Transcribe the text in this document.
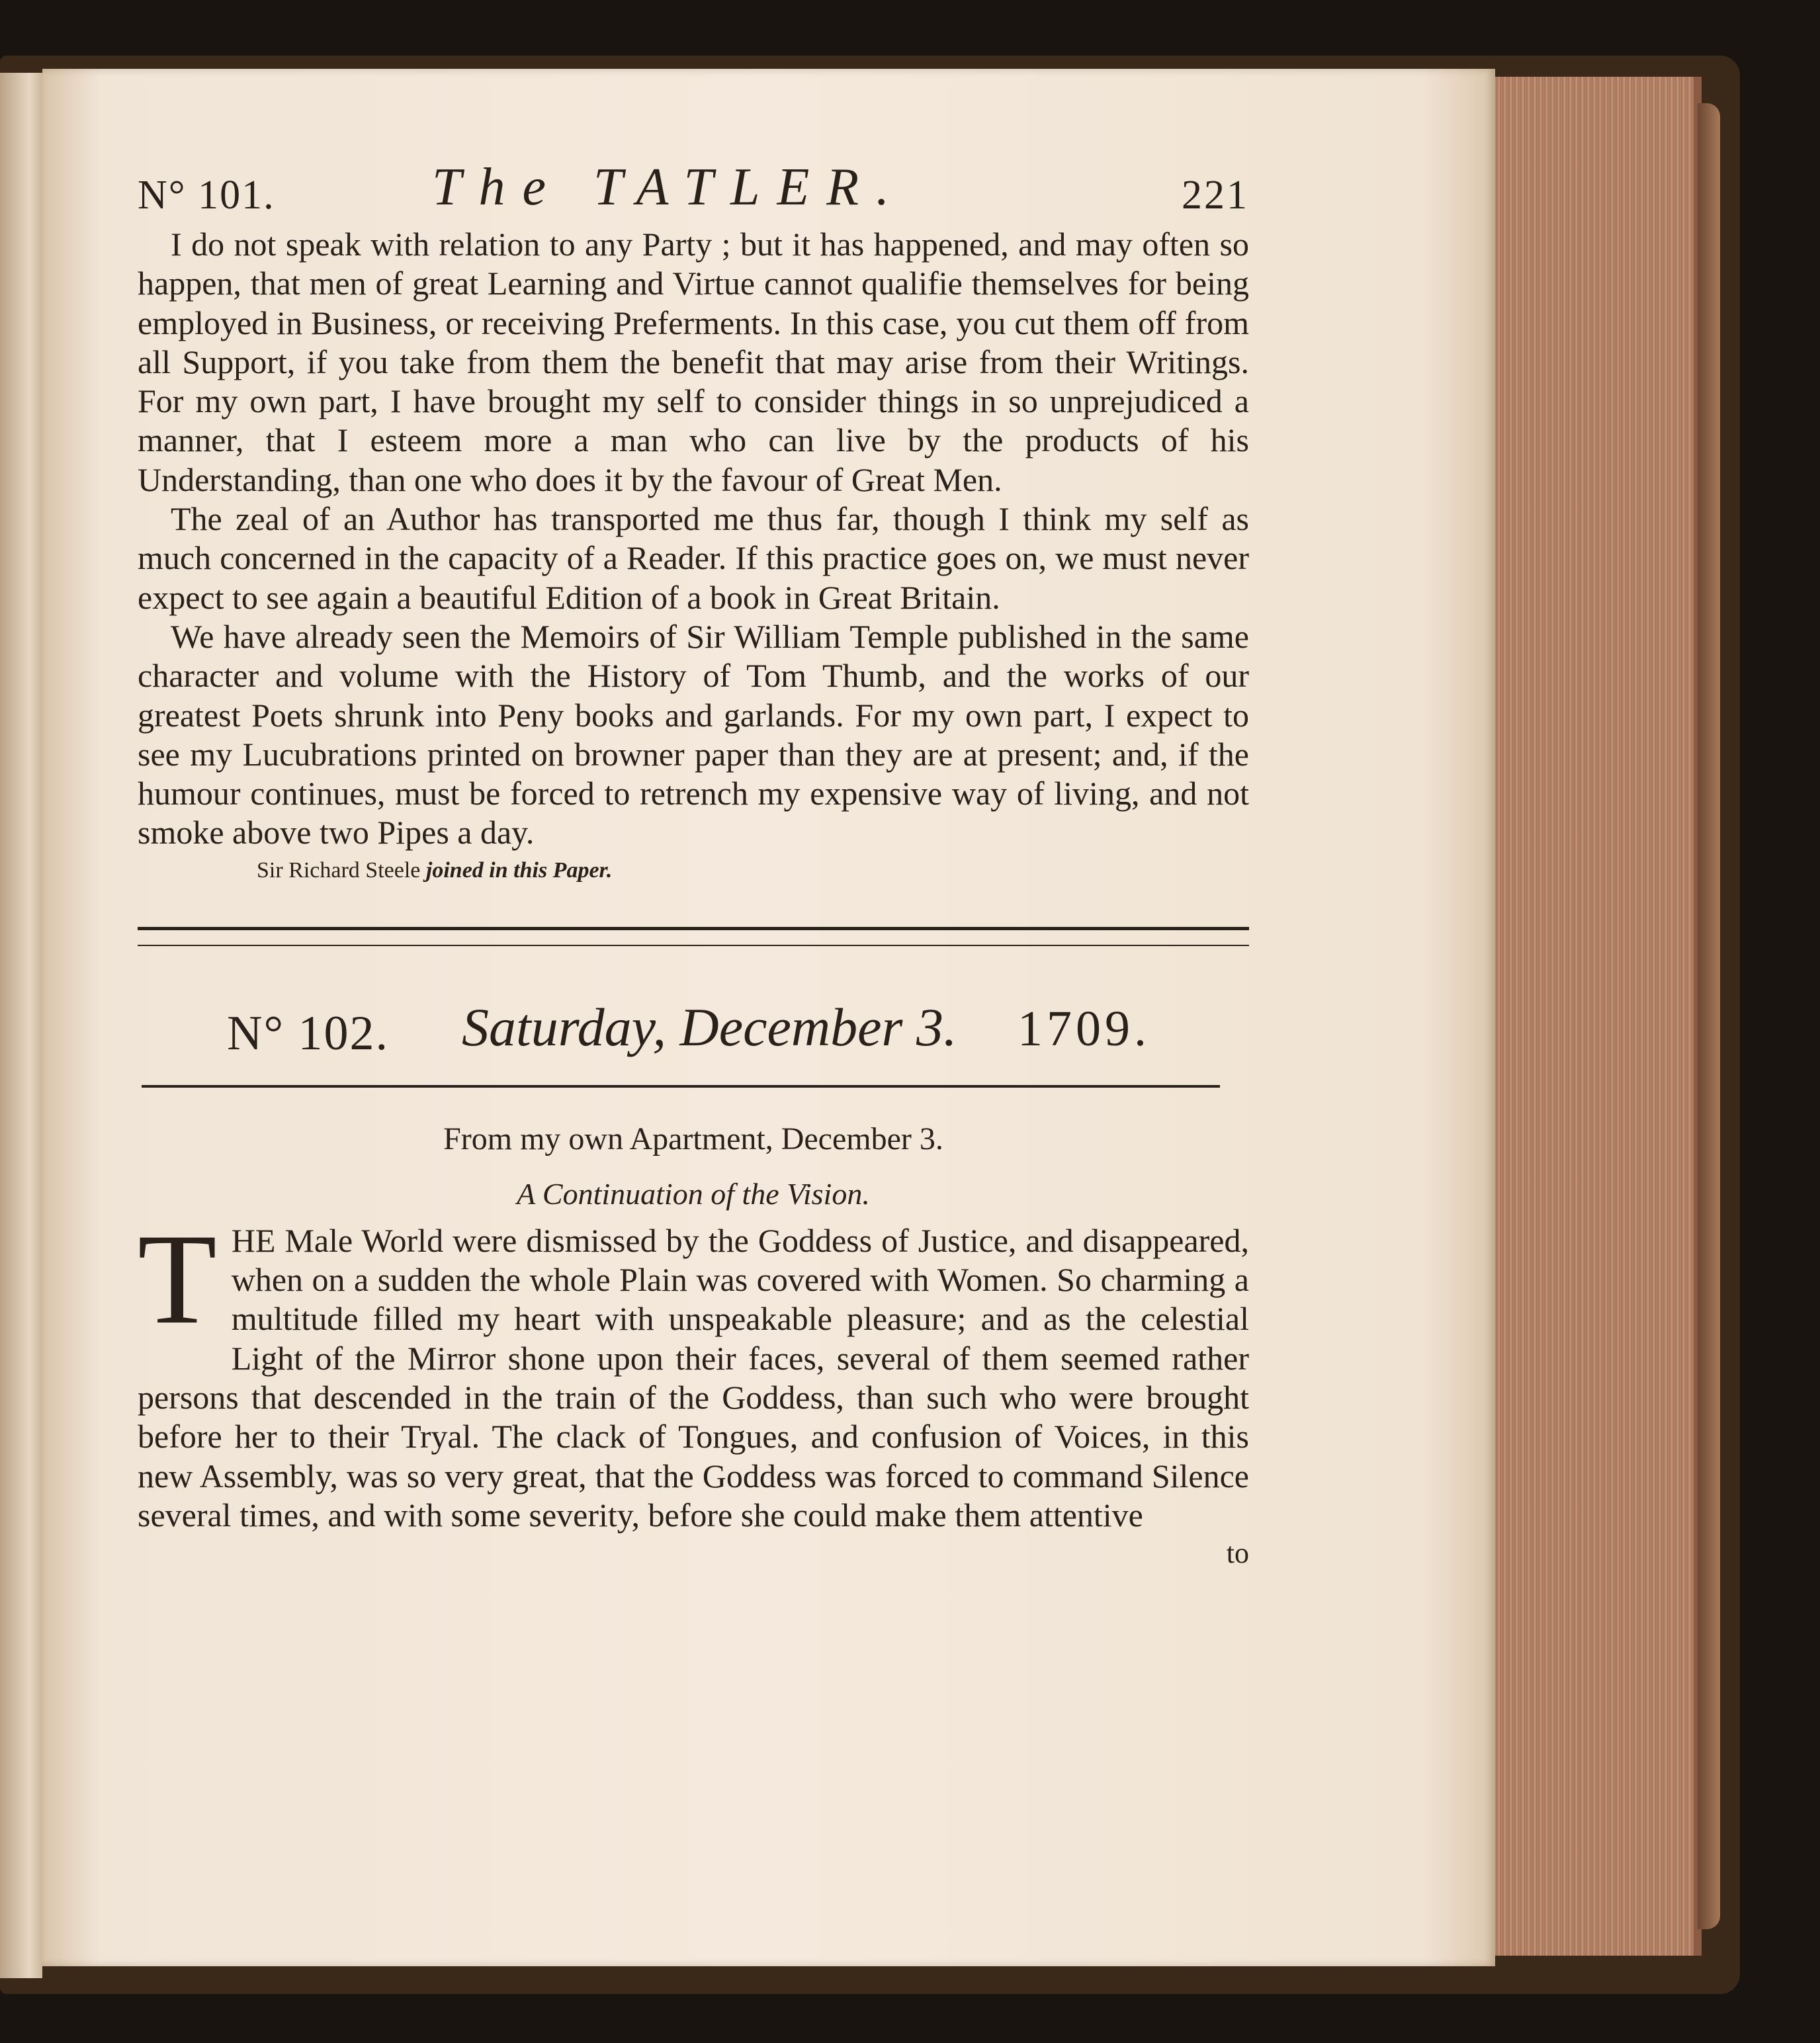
N° 101.	The TATLER.	221

I do not speak with relation to any Party ; but it has happened, and may often so happen, that men of great Learning and Virtue cannot qualifie themselves for being employed in Business, or receiving Preferments. In this case, you cut them off from all Support, if you take from them the benefit that may arise from their Writings. For my own part, I have brought my self to consider things in so unprejudiced a manner, that I esteem more a man who can live by the products of his Understanding, than one who does it by the favour of Great Men.

The zeal of an Author has transported me thus far, though I think my self as much concerned in the capacity of a Reader. If this practice goes on, we must never expect to see again a beautiful Edition of a book in Great Britain.

We have already seen the Memoirs of Sir William Temple published in the same character and volume with the History of Tom Thumb, and the works of our greatest Poets shrunk into Peny books and garlands. For my own part, I expect to see my Lucubrations printed on browner paper than they are at present; and, if the humour continues, must be forced to retrench my expensive way of living, and not smoke above two Pipes a day.

Sir Richard Steele joined in this Paper.
N° 102. Saturday, December 3. 1709.
From my own Apartment, December 3.
A Continuation of the Vision.
T HE Male World were dismissed by the Goddess of Justice, and disappeared, when on a sudden the whole Plain was covered with Women. So charming a multitude filled my heart with unspeakable pleasure; and as the celestial Light of the Mirror shone upon their faces, several of them seemed rather persons that descended in the train of the Goddess, than such who were brought before her to their Tryal. The clack of Tongues, and confusion of Voices, in this new Assembly, was so very great, that the Goddess was forced to command Silence several times, and with some severity, before she could make them attentive

to
